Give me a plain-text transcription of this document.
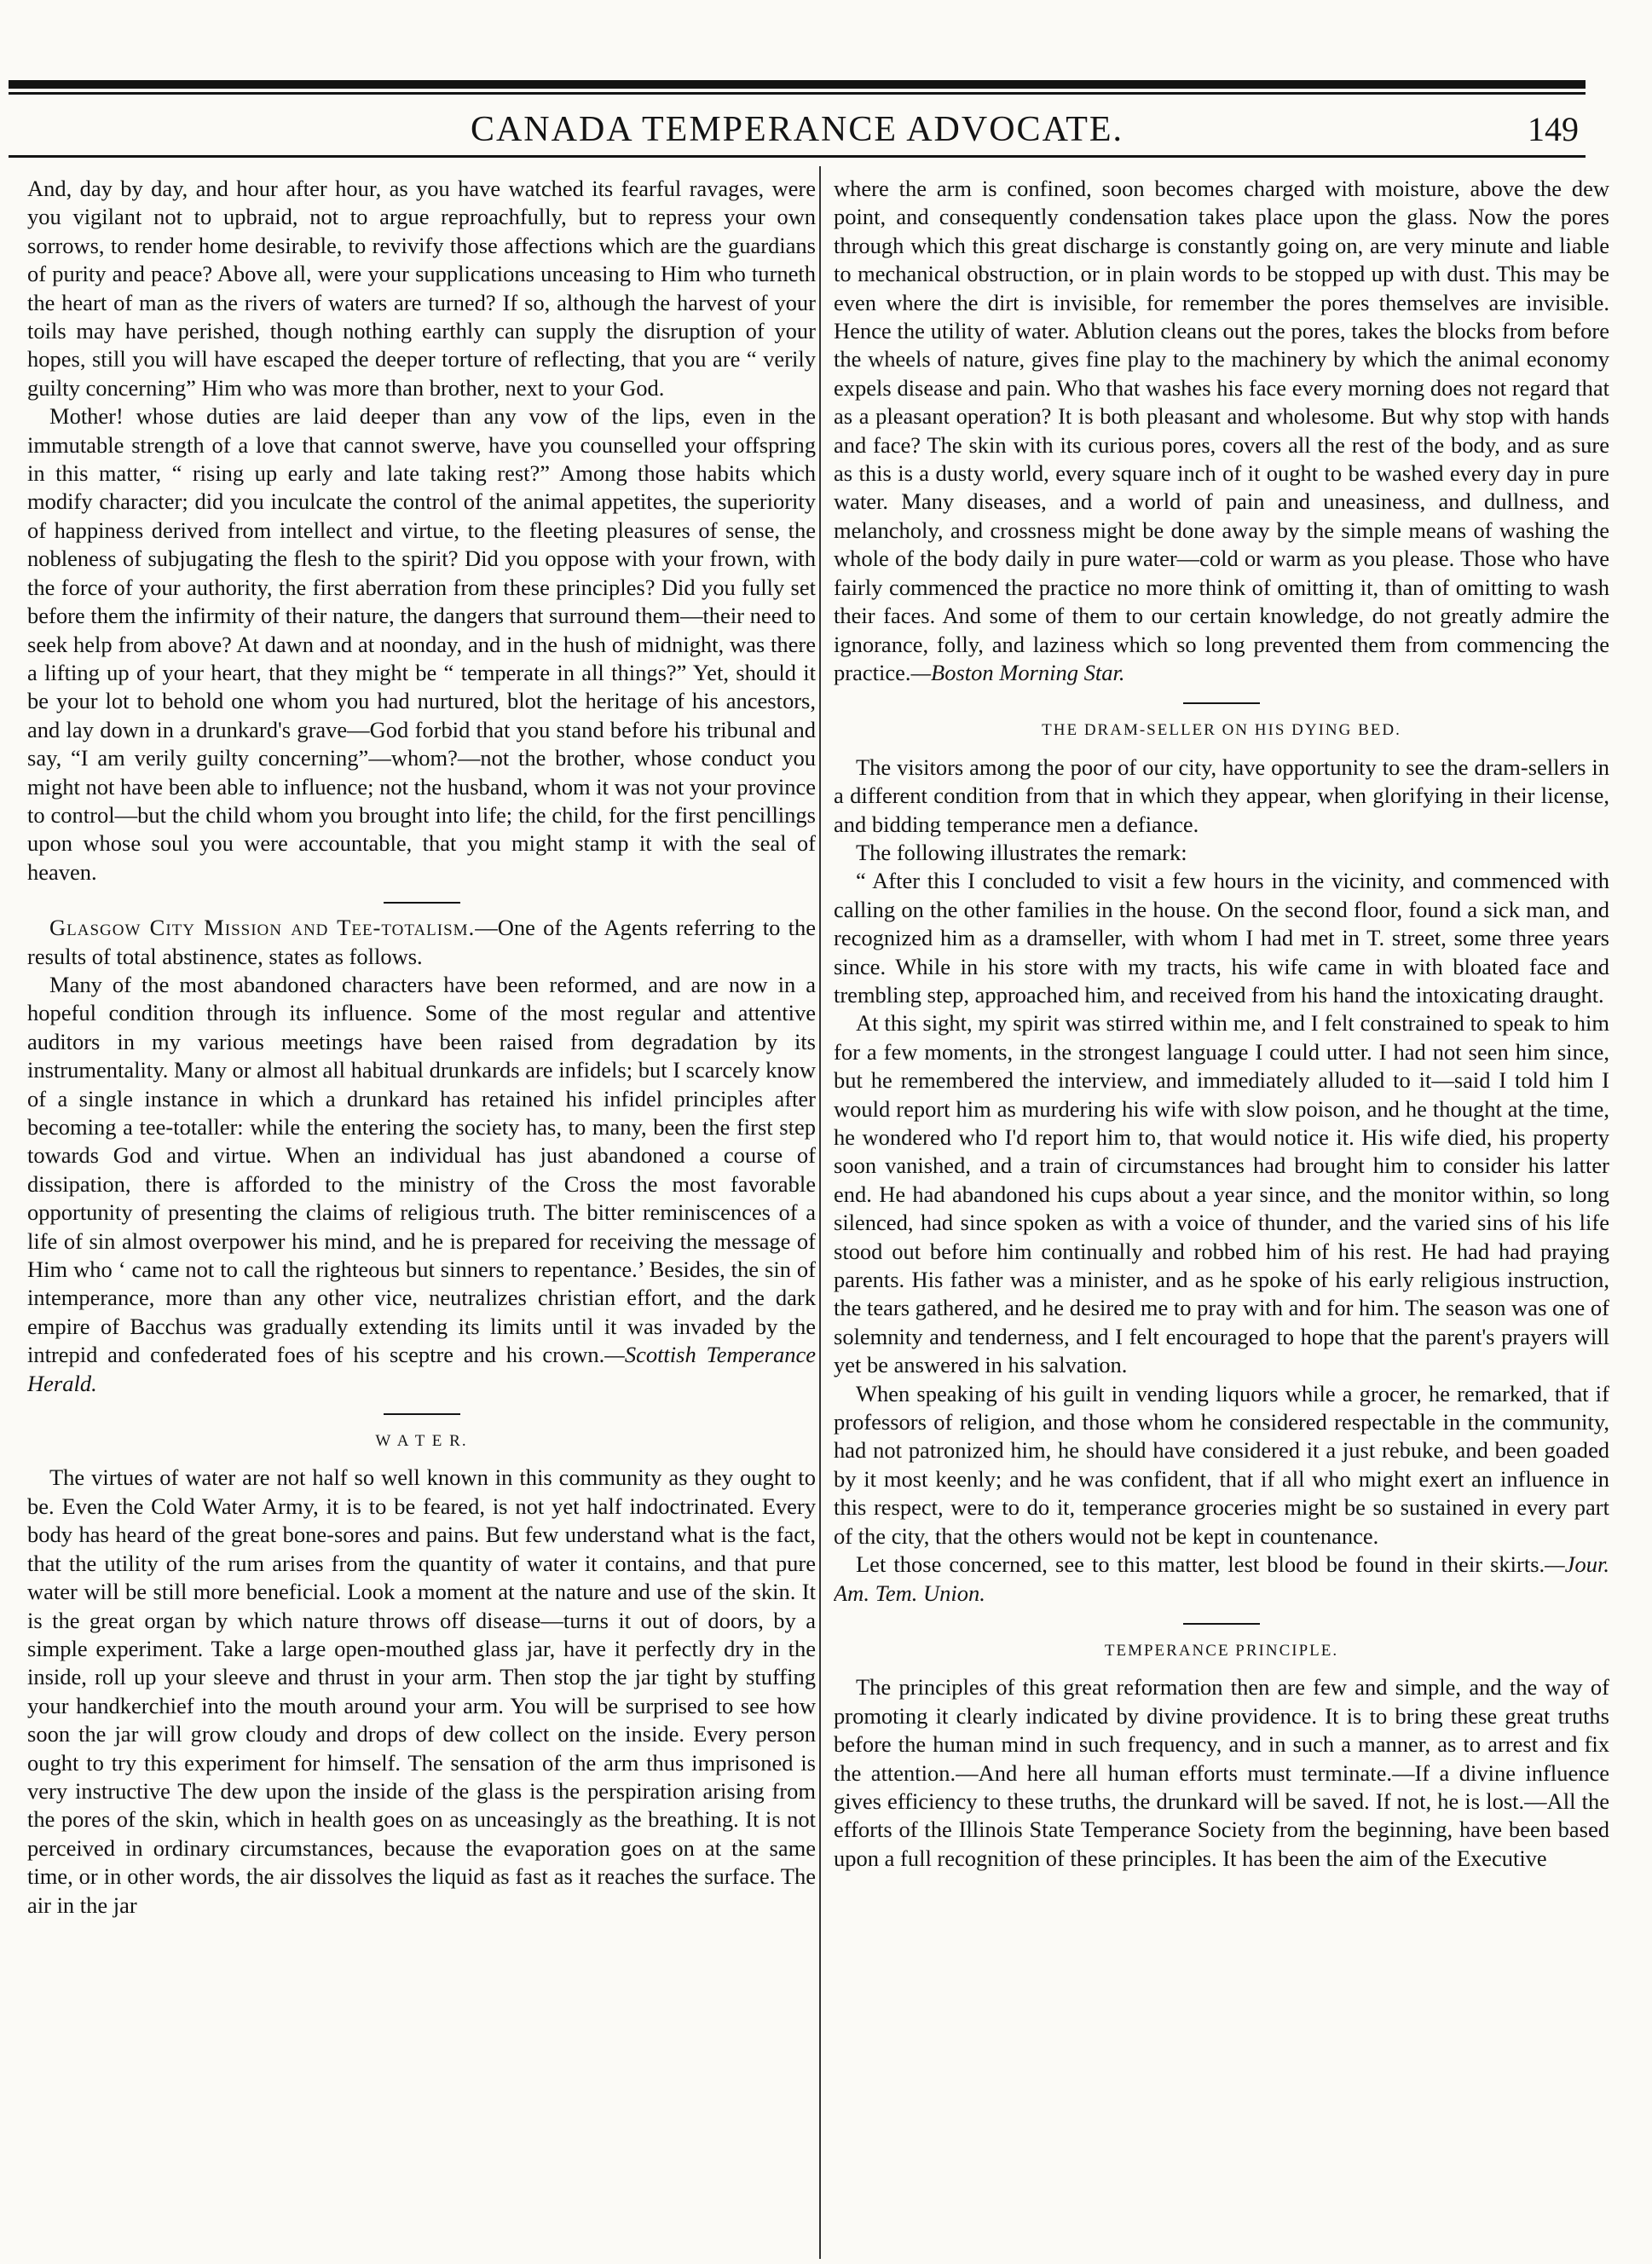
CANADA TEMPERANCE ADVOCATE.	149

And, day by day, and hour after hour, as you have watched its fearful ravages, were you vigilant not to upbraid, not to argue reproachfully, but to repress your own sorrows, to render home desirable, to revivify those affections which are the guardians of purity and peace? Above all, were your supplications unceasing to Him who turneth the heart of man as the rivers of waters are turned? If so, although the harvest of your toils may have perished, though nothing earthly can supply the disruption of your hopes, still you will have escaped the deeper torture of reflecting, that you are “ verily guilty concerning” Him who was more than brother, next to your God.

Mother! whose duties are laid deeper than any vow of the lips, even in the immutable strength of a love that cannot swerve, have you counselled your offspring in this matter, “ rising up early and late taking rest?” Among those habits which modify character; did you inculcate the control of the animal appetites, the superiority of happiness derived from intellect and virtue, to the fleeting pleasures of sense, the nobleness of subjugating the flesh to the spirit? Did you oppose with your frown, with the force of your authority, the first aberration from these principles? Did you fully set before them the infirmity of their nature, the dangers that surround them—their need to seek help from above? At dawn and at noonday, and in the hush of midnight, was there a lifting up of your heart, that they might be “ temperate in all things?” Yet, should it be your lot to behold one whom you had nurtured, blot the heritage of his ancestors, and lay down in a drunkard's grave—God forbid that you stand before his tribunal and say, “I am verily guilty concerning”—whom?—not the brother, whose conduct you might not have been able to influence; not the husband, whom it was not your province to control—but the child whom you brought into life; the child, for the first pencillings upon whose soul you were accountable, that you might stamp it with the seal of heaven.

Glasgow City Mission and Tee-totalism.—One of the Agents referring to the results of total abstinence, states as follows.

Many of the most abandoned characters have been reformed, and are now in a hopeful condition through its influence. Some of the most regular and attentive auditors in my various meetings have been raised from degradation by its instrumentality. Many or almost all habitual drunkards are infidels; but I scarcely know of a single instance in which a drunkard has retained his infidel principles after becoming a tee-totaller: while the entering the society has, to many, been the first step towards God and virtue. When an individual has just abandoned a course of dissipation, there is afforded to the ministry of the Cross the most favorable opportunity of presenting the claims of religious truth. The bitter reminiscences of a life of sin almost overpower his mind, and he is prepared for receiving the message of Him who ‘ came not to call the righteous but sinners to repentance.’ Besides, the sin of intemperance, more than any other vice, neutralizes christian effort, and the dark empire of Bacchus was gradually extending its limits until it was invaded by the intrepid and confederated foes of his sceptre and his crown.—Scottish Temperance Herald.

W A T E R.

The virtues of water are not half so well known in this community as they ought to be. Even the Cold Water Army, it is to be feared, is not yet half indoctrinated. Every body has heard of the great bone-sores and pains. But few understand what is the fact, that the utility of the rum arises from the quantity of water it contains, and that pure water will be still more beneficial. Look a moment at the nature and use of the skin. It is the great organ by which nature throws off disease—turns it out of doors, by a simple experiment. Take a large open-mouthed glass jar, have it perfectly dry in the inside, roll up your sleeve and thrust in your arm. Then stop the jar tight by stuffing your handkerchief into the mouth around your arm. You will be surprised to see how soon the jar will grow cloudy and drops of dew collect on the inside. Every person ought to try this experiment for himself. The sensation of the arm thus imprisoned is very instructive The dew upon the inside of the glass is the perspiration arising from the pores of the skin, which in health goes on as unceasingly as the breathing. It is not perceived in ordinary circumstances, because the evaporation goes on at the same time, or in other words, the air dissolves the liquid as fast as it reaches the surface. The air in the jar

where the arm is confined, soon becomes charged with moisture, above the dew point, and consequently condensation takes place upon the glass. Now the pores through which this great discharge is constantly going on, are very minute and liable to mechanical obstruction, or in plain words to be stopped up with dust. This may be even where the dirt is invisible, for remember the pores themselves are invisible. Hence the utility of water. Ablution cleans out the pores, takes the blocks from before the wheels of nature, gives fine play to the machinery by which the animal economy expels disease and pain. Who that washes his face every morning does not regard that as a pleasant operation? It is both pleasant and wholesome. But why stop with hands and face? The skin with its curious pores, covers all the rest of the body, and as sure as this is a dusty world, every square inch of it ought to be washed every day in pure water. Many diseases, and a world of pain and uneasiness, and dullness, and melancholy, and crossness might be done away by the simple means of washing the whole of the body daily in pure water—cold or warm as you please. Those who have fairly commenced the practice no more think of omitting it, than of omitting to wash their faces. And some of them to our certain knowledge, do not greatly admire the ignorance, folly, and laziness which so long prevented them from commencing the practice.—Boston Morning Star.

THE DRAM-SELLER ON HIS DYING BED.

The visitors among the poor of our city, have opportunity to see the dram-sellers in a different condition from that in which they appear, when glorifying in their license, and bidding temperance men a defiance.

The following illustrates the remark:

“ After this I concluded to visit a few hours in the vicinity, and commenced with calling on the other families in the house. On the second floor, found a sick man, and recognized him as a dramseller, with whom I had met in T. street, some three years since. While in his store with my tracts, his wife came in with bloated face and trembling step, approached him, and received from his hand the intoxicating draught.

At this sight, my spirit was stirred within me, and I felt constrained to speak to him for a few moments, in the strongest language I could utter. I had not seen him since, but he remembered the interview, and immediately alluded to it—said I told him I would report him as murdering his wife with slow poison, and he thought at the time, he wondered who I'd report him to, that would notice it. His wife died, his property soon vanished, and a train of circumstances had brought him to consider his latter end. He had abandoned his cups about a year since, and the monitor within, so long silenced, had since spoken as with a voice of thunder, and the varied sins of his life stood out before him continually and robbed him of his rest. He had had praying parents. His father was a minister, and as he spoke of his early religious instruction, the tears gathered, and he desired me to pray with and for him. The season was one of solemnity and tenderness, and I felt encouraged to hope that the parent's prayers will yet be answered in his salvation.

When speaking of his guilt in vending liquors while a grocer, he remarked, that if professors of religion, and those whom he considered respectable in the community, had not patronized him, he should have considered it a just rebuke, and been goaded by it most keenly; and he was confident, that if all who might exert an influence in this respect, were to do it, temperance groceries might be so sustained in every part of the city, that the others would not be kept in countenance.

Let those concerned, see to this matter, lest blood be found in their skirts.—Jour. Am. Tem. Union.

TEMPERANCE PRINCIPLE.

The principles of this great reformation then are few and simple, and the way of promoting it clearly indicated by divine providence. It is to bring these great truths before the human mind in such frequency, and in such a manner, as to arrest and fix the attention.—And here all human efforts must terminate.—If a divine influence gives efficiency to these truths, the drunkard will be saved. If not, he is lost.—All the efforts of the Illinois State Temperance Society from the beginning, have been based upon a full recognition of these principles. It has been the aim of the Executive
